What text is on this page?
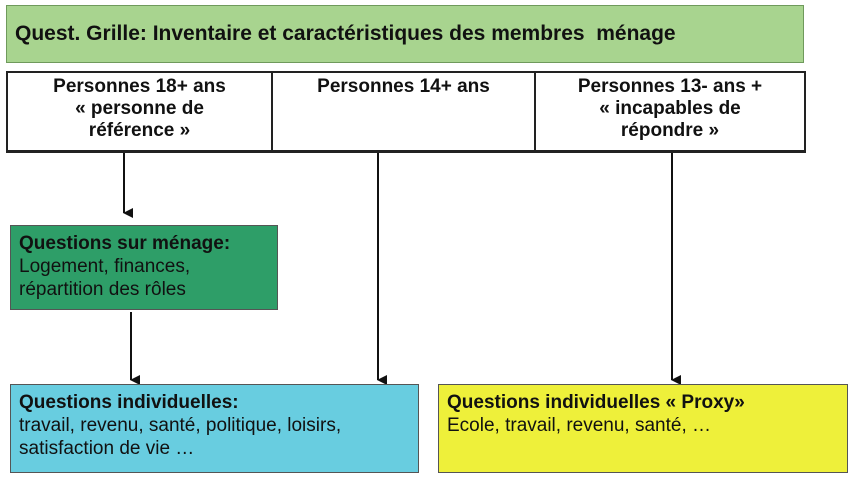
Quest. Grille: Inventaire et caractéristiques des membres  ménage
Personnes 18+ ans
« personne de
référence »
Personnes 14+ ans	Personnes 13- ans +
« incapables de
répondre »
Questions sur ménage:
Logement, finances,
répartition des rôles
Questions individuelles:
travail, revenu, santé, politique, loisirs,
satisfaction de vie …
Questions individuelles « Proxy»
Ecole, travail, revenu, santé, …
